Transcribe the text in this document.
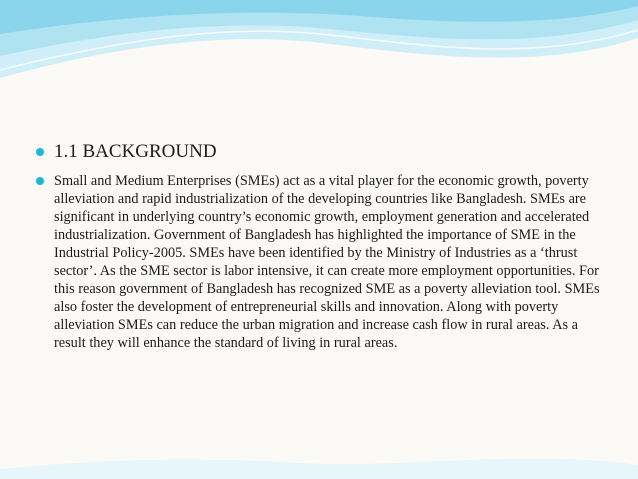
1.1 BACKGROUND
Small and Medium Enterprises (SMEs) act as a vital player for the economic growth, poverty alleviation and rapid industrialization of the developing countries like Bangladesh. SMEs are significant in underlying country’s economic growth, employment generation and accelerated industrialization. Government of Bangladesh has highlighted the importance of SME in the Industrial Policy-2005. SMEs have been identified by the Ministry of Industries as a ‘thrust sector’. As the SME sector is labor intensive, it can create more employment opportunities. For this reason government of Bangladesh has recognized SME as a poverty alleviation tool. SMEs also foster the development of entrepreneurial skills and innovation. Along with poverty alleviation SMEs can reduce the urban migration and increase cash flow in rural areas. As a result they will enhance the standard of living in rural areas.
